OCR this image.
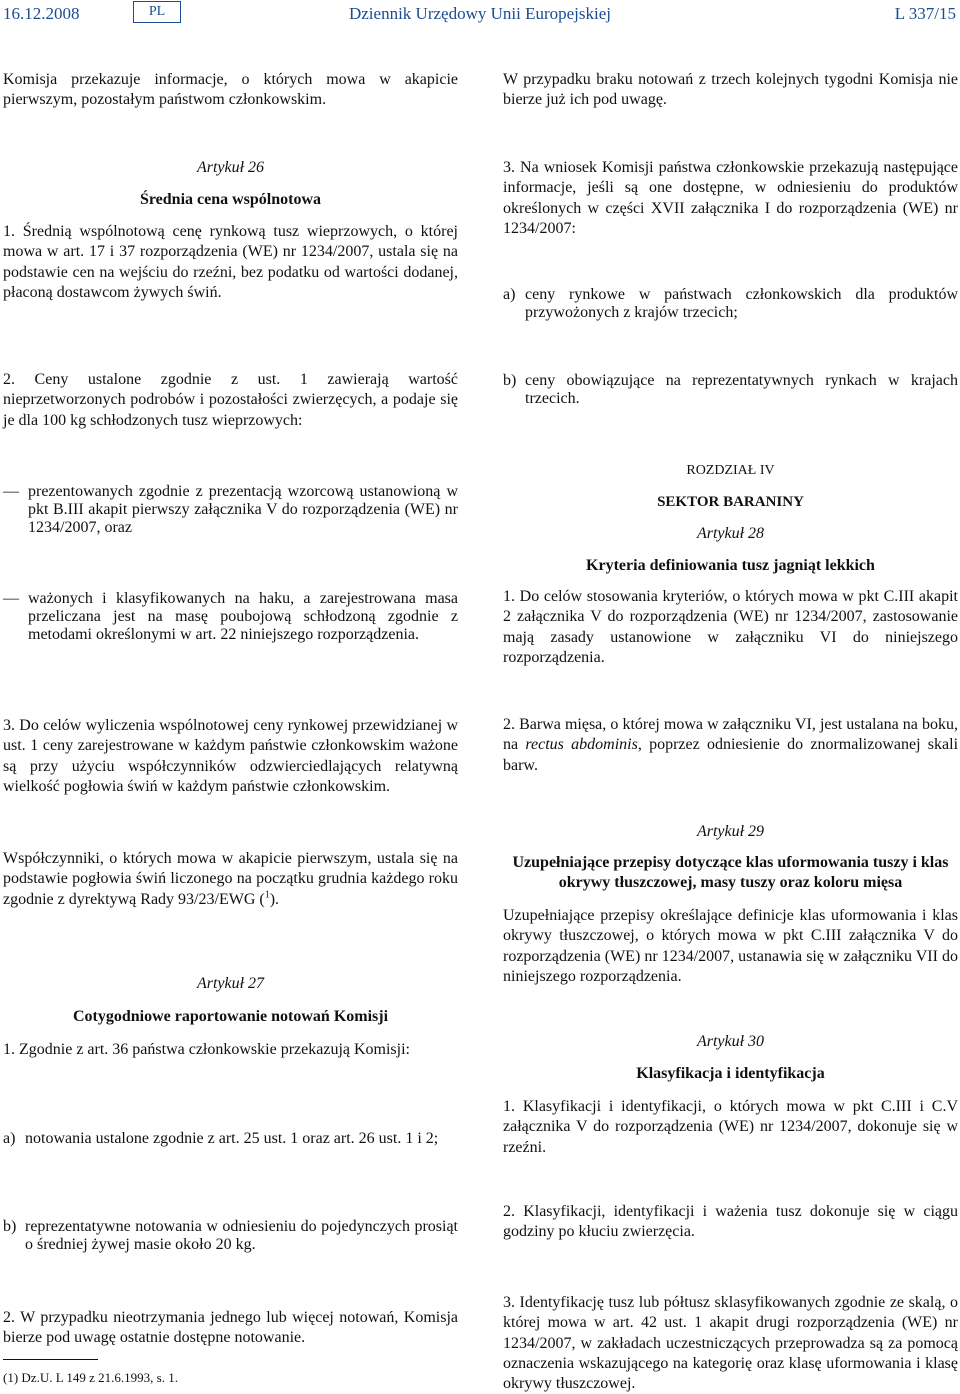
16.12.2008	Dziennik Urzędowy Unii Europejskiej
PL	L 337/15
Komisja przekazuje informacje, o których mowa w akapicie pierwszym, pozostałym państwom członkowskim.
Artykuł 26
Średnia cena wspólnotowa
1. Średnią wspólnotową cenę rynkową tusz wieprzowych, o której mowa w art. 17 i 37 rozporządzenia (WE) nr 1234/2007, ustala się na podstawie cen na wejściu do rzeźni, bez podatku od wartości dodanej, płaconą dostawcom żywych świń.
2. Ceny ustalone zgodnie z ust. 1 zawierają wartość nieprzetworzonych podrobów i pozostałości zwierzęcych, a podaje się je dla 100 kg schłodzonych tusz wieprzowych:
— prezentowanych zgodnie z prezentacją wzorcową ustanowioną w pkt B.III akapit pierwszy załącznika V do rozporządzenia (WE) nr 1234/2007, oraz
— ważonych i klasyfikowanych na haku, a zarejestrowana masa przeliczana jest na masę poubojową schłodzoną zgodnie z metodami określonymi w art. 22 niniejszego rozporządzenia.
3. Do celów wyliczenia wspólnotowej ceny rynkowej przewidzianej w ust. 1 ceny zarejestrowane w każdym państwie członkowskim ważone są przy użyciu współczynników odzwierciedlających relatywną wielkość pogłowia świń w każdym państwie członkowskim.
Współczynniki, o których mowa w akapicie pierwszym, ustala się na podstawie pogłowia świń liczonego na początku grudnia każdego roku zgodnie z dyrektywą Rady 93/23/EWG ($^1$).
Artykuł 27
Cotygodniowe raportowanie notowań Komisji
1. Zgodnie z art. 36 państwa członkowskie przekazują Komisji:
a) notowania ustalone zgodnie z art. 25 ust. 1 oraz art. 26 ust. 1 i 2;
b) reprezentatywne notowania w odniesieniu do pojedynczych prosiąt o średniej żywej masie około 20 kg.
2. W przypadku nieotrzymania jednego lub więcej notowań, Komisja bierze pod uwagę ostatnie dostępne notowanie.
(1) Dz.U. L 149 z 21.6.1993, s. 1.
W przypadku braku notowań z trzech kolejnych tygodni Komisja nie bierze już ich pod uwagę.
3. Na wniosek Komisji państwa członkowskie przekazują następujące informacje, jeśli są one dostępne, w odniesieniu do produktów określonych w części XVII załącznika I do rozporządzenia (WE) nr 1234/2007:
a) ceny rynkowe w państwach członkowskich dla produktów przywożonych z krajów trzecich;
b) ceny obowiązujące na reprezentatywnych rynkach w krajach trzecich.
ROZDZIAŁ IV
SEKTOR BARANINY
Artykuł 28
Kryteria definiowania tusz jagniąt lekkich
1. Do celów stosowania kryteriów, o których mowa w pkt C.III akapit 2 załącznika V do rozporządzenia (WE) nr 1234/2007, zastosowanie mają zasady ustanowione w załączniku VI do niniejszego rozporządzenia.
2. Barwa mięsa, o której mowa w załączniku VI, jest ustalana na boku, na rectus abdominis, poprzez odniesienie do znormalizowanej skali barw.
Artykuł 29
Uzupełniające przepisy dotyczące klas uformowania tuszy i klas okrywy tłuszczowej, masy tuszy oraz koloru mięsa
Uzupełniające przepisy określające definicje klas uformowania i klas okrywy tłuszczowej, o których mowa w pkt C.III załącznika V do rozporządzenia (WE) nr 1234/2007, ustanawia się w załączniku VII do niniejszego rozporządzenia.
Artykuł 30
Klasyfikacja i identyfikacja
1. Klasyfikacji i identyfikacji, o których mowa w pkt C.III i C.V załącznika V do rozporządzenia (WE) nr 1234/2007, dokonuje się w rzeźni.
2. Klasyfikacji, identyfikacji i ważenia tusz dokonuje się w ciągu godziny po kłuciu zwierzęcia.
3. Identyfikację tusz lub półtusz sklasyfikowanych zgodnie ze skalą, o której mowa w art. 42 ust. 1 akapit drugi rozporządzenia (WE) nr 1234/2007, w zakładach uczestniczących przeprowadza są za pomocą oznaczenia wskazującego na kategorię oraz klasę uformowania i klasę okrywy tłuszczowej.
